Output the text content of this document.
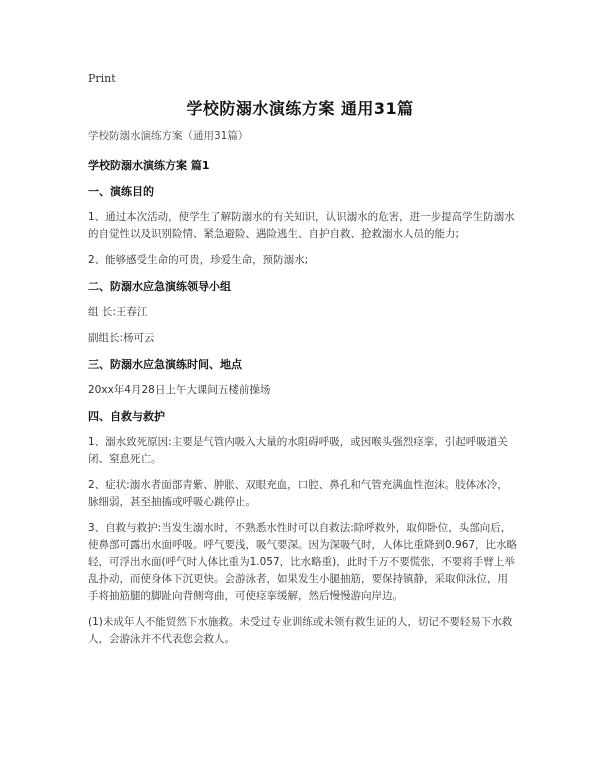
Print
学校防溺水演练方案 通用31篇

学校防溺水演练方案（通用31篇）

学校防溺水演练方案 篇1

一、演练目的

1、通过本次活动，使学生了解防溺水的有关知识，认识溺水的危害，进一步提高学生防溺水的自觉性以及识别险情、紧急避险、遇险逃生、自护自救、抢救溺水人员的能力;

2、能够感受生命的可贵，珍爱生命，预防溺水;

二、防溺水应急演练领导小组

组 长:王春江

副组长:杨可云

三、防溺水应急演练时间、地点

20xx年4月28日上午大课间五楼前操场

四、自救与救护

1、溺水致死原因:主要是气管内吸入大量的水阻碍呼吸，或因喉头强烈痉挛，引起呼吸道关闭、窒息死亡。

2、症状:溺水者面部青紫、肿胀、双眼充血，口腔、鼻孔和气管充满血性泡沫。肢体冰冷，脉细弱，甚至抽搐或呼吸心跳停止。

3、自救与救护:当发生溺水时，不熟悉水性时可以自救法:除呼救外，取仰卧位，头部向后，使鼻部可露出水面呼吸。呼气要浅，吸气要深。因为深吸气时，人体比重降到0.967，比水略轻，可浮出水面(呼气时人体比重为1.057，比水略重)，此时千万不要慌张，不要将手臂上举乱扑动，而使身体下沉更快。会游泳者，如果发生小腿抽筋，要保持镇静，采取仰泳位，用手将抽筋腿的脚趾向背侧弯曲，可使痉挛缓解，然后慢慢游向岸边。

(1)未成年人不能贸然下水施救。未受过专业训练或未领有救生证的人，切记不要轻易下水救人，会游泳并不代表您会救人。
